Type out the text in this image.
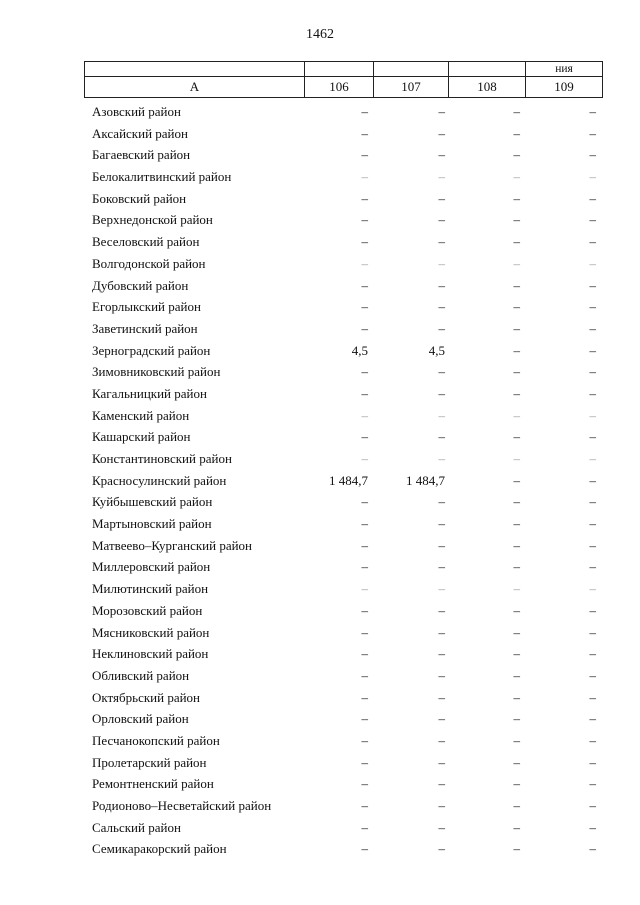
1462
				ния
А	106	107	108	109
Азовский район	–	–	–	–
Аксайский район	–	–	–	–
Багаевский район	–	–	–	–
Белокалитвинский район	–	–	–	–
Боковский район	–	–	–	–
Верхнедонской район	–	–	–	–
Веселовский район	–	–	–	–
Волгодонской район	–	–	–	–
Дубовский район	–	–	–	–
Егорлыкский район	–	–	–	–
Заветинский район	–	–	–	–
Зерноградский район	4,5	4,5	–	–
Зимовниковский район	–	–	–	–
Кагальницкий район	–	–	–	–
Каменский район	–	–	–	–
Кашарский район	–	–	–	–
Константиновский район	–	–	–	–
Красносулинский район	1 484,7	1 484,7	–	–
Куйбышевский район	–	–	–	–
Мартыновский район	–	–	–	–
Матвеево–Курганский район	–	–	–	–
Миллеровский район	–	–	–	–
Милютинский район	–	–	–	–
Морозовский район	–	–	–	–
Мясниковский район	–	–	–	–
Неклиновский район	–	–	–	–
Обливский район	–	–	–	–
Октябрьский район	–	–	–	–
Орловский район	–	–	–	–
Песчанокопский район	–	–	–	–
Пролетарский район	–	–	–	–
Ремонтненский район	–	–	–	–
Родионово–Несветайский район	–	–	–	–
Сальский район	–	–	–	–
Семикаракорский район	–	–	–	–
